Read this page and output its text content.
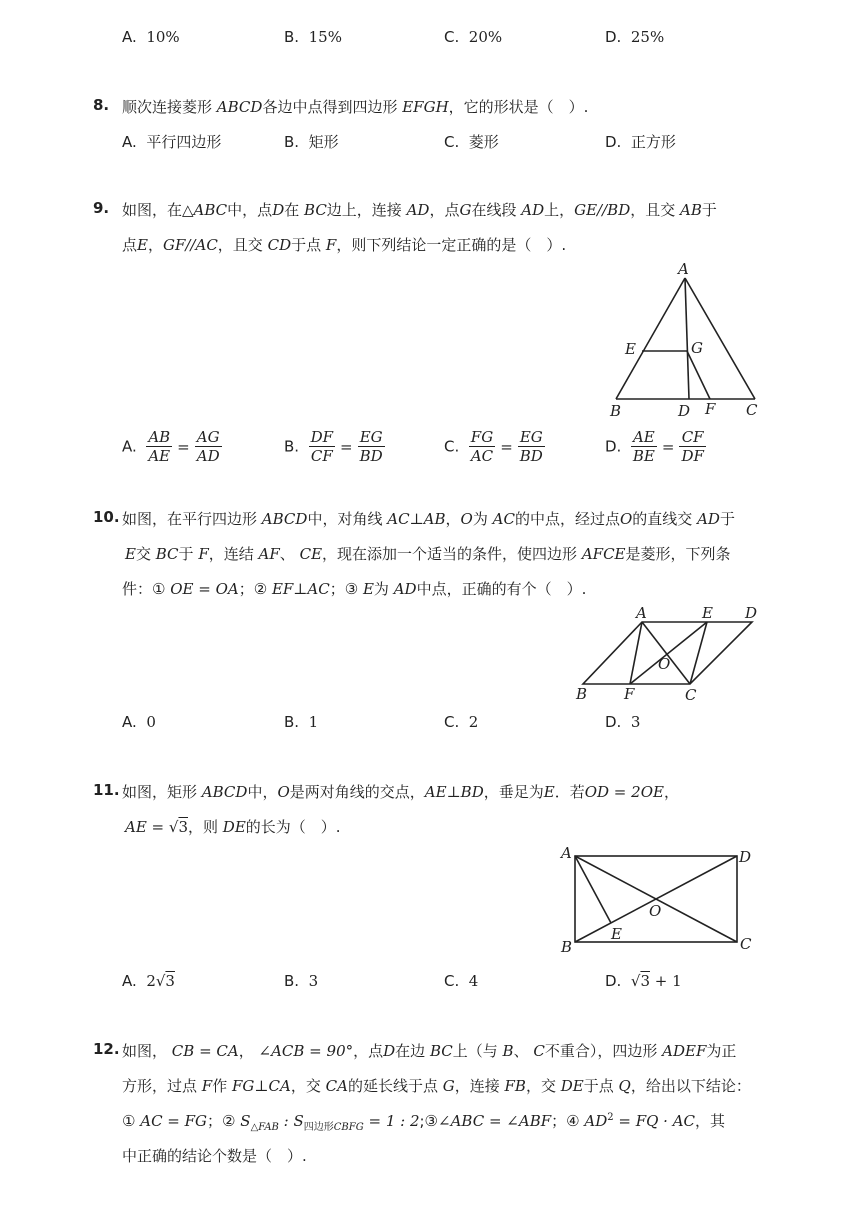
A. 10%	B. 15%	C. 20%	D. 25%
8. 顺次连接菱形 ABCD各边中点得到四边形 EFGH，它的形状是（　）.
A. 平行四边形	B. 矩形	C. 菱形	D. 正方形
9. 如图，在△ABC中，点D在 BC边上，连接 AD，点G在线段 AD上，GE//BD，且交 AB于
点E，GF//AC，且交 CD于点 F，则下列结论一定正确的是（　）.
A
E	G
B	D F C
A. $\frac{AB}{AE} = \frac{AG}{AD}$	B. $\frac{DF}{CF} = \frac{EG}{BD}$	C. $\frac{FG}{AC} = \frac{EG}{BD}$	D. $\frac{AE}{BE} = \frac{CF}{DF}$
10. 如图，在平行四边形 ABCD中，对角线 AC⊥AB，O为 AC的中点，经过点O的直线交 AD于
E交 BC于 F，连结 AF、 CE，现在添加一个适当的条件，使四边形 AFCE是菱形，下列条
件：① OE = OA；② EF⊥AC；③ E为 AD中点，正确的有个（　）.
A	E D
O
B F	C
A. 0	B. 1	C. 2	D. 3
11. 如图，矩形 ABCD中，O是两对角线的交点，AE⊥BD，垂足为E．若OD = 2OE，
AE = √3，则 DE的长为（　）.
A	D
O
E
B	C
A. 2√3	B. 3	C. 4	D.  √3 + 1
12. 如图， CB = CA， ∠ACB = 90°，点D在边 BC上（与 B、 C不重合），四边形 ADEF为正
方形，过点 F作 FG⊥CA，交 CA的延长线于点 G，连接 FB，交 DE于点 Q，给出以下结论：
① AC = FG；② $S_{\triangle FAB}$ : $S_{四边形CBFG} = 1$ : 2;③∠ABC = ∠ABF；④ $AD^2$ = FQ · AC，其
中正确的结论个数是（　）.
